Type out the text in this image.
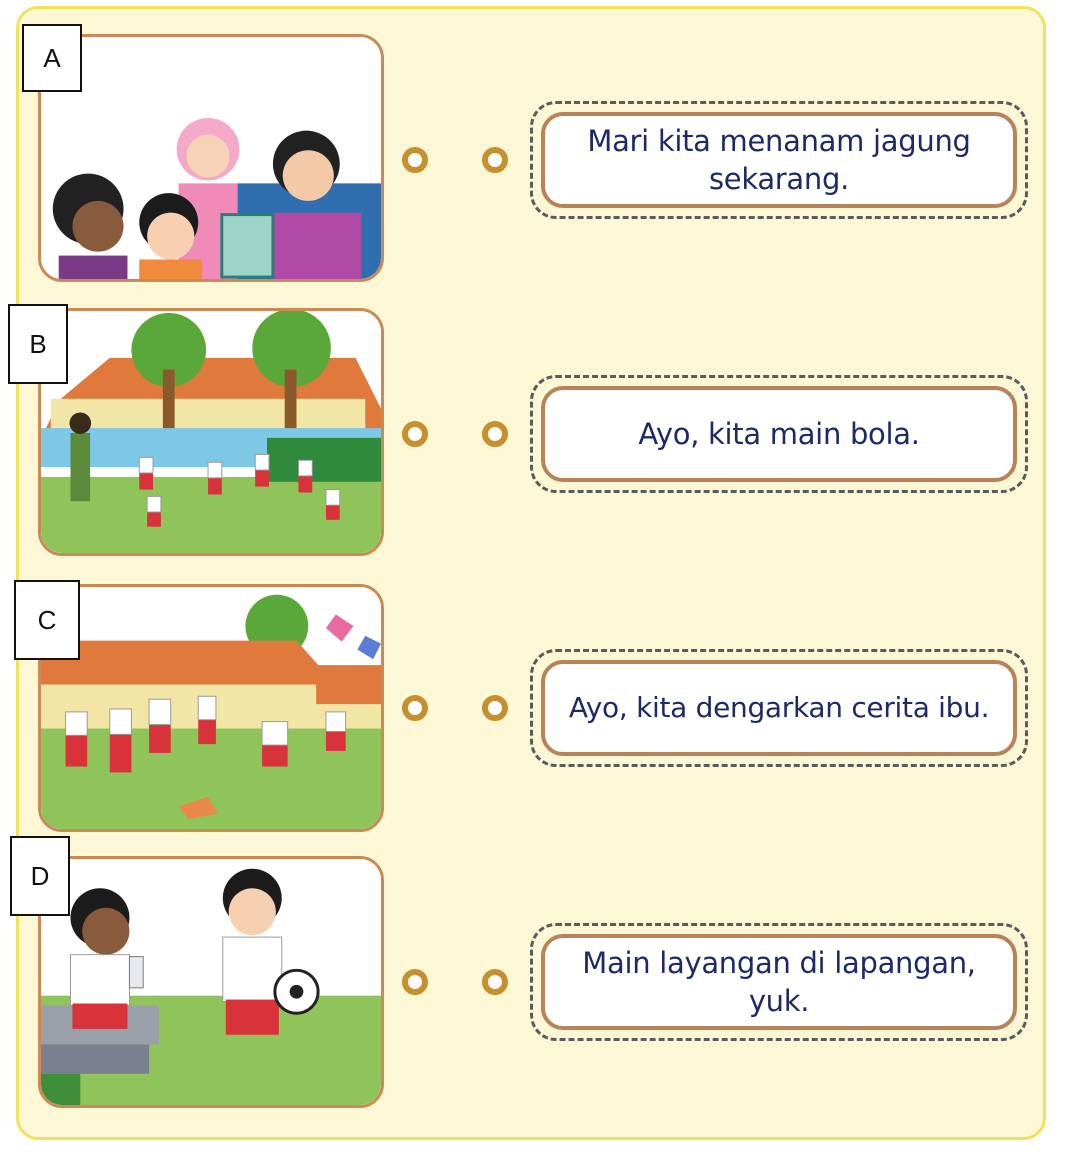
A
Mari kita menanam jagung sekarang.
B
Ayo, kita main bola.
C
Ayo, kita dengarkan cerita ibu.
D
Main layangan di lapangan, yuk.
